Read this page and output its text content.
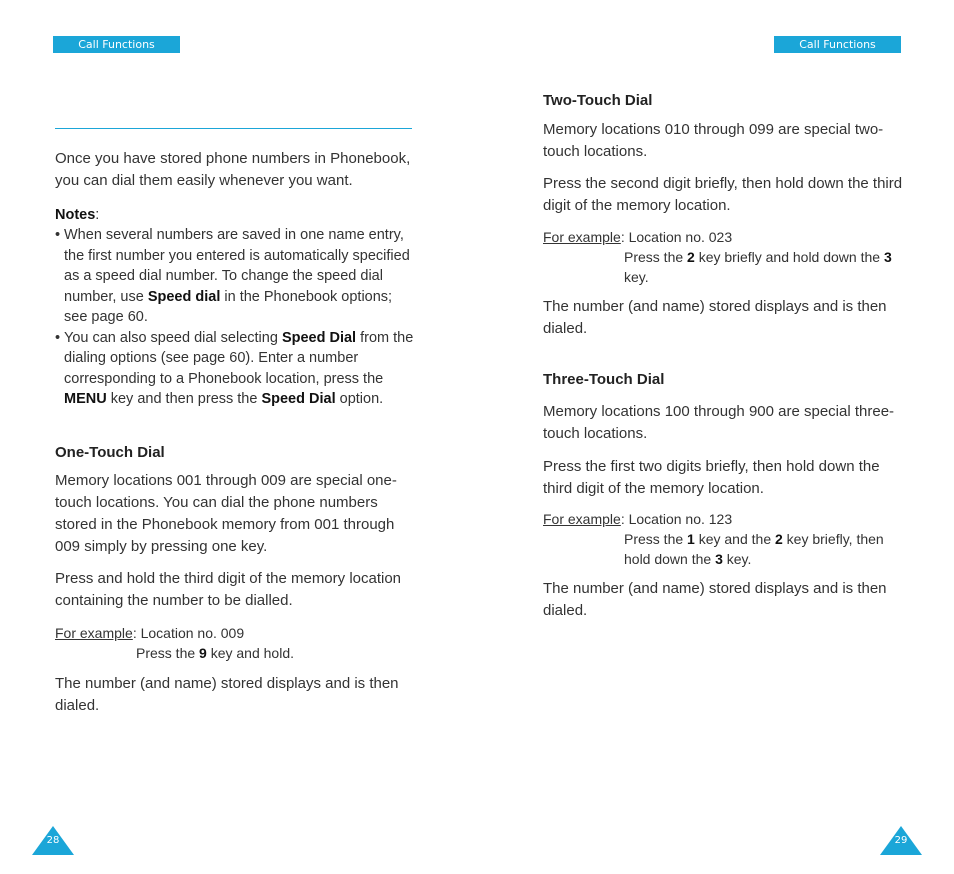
Call Functions	Call Functions

Once you have stored phone numbers in Phonebook, you can dial them easily whenever you want.

Notes:

• When several numbers are saved in one name entry, the first number you entered is automatically specified as a speed dial number. To change the speed dial number, use Speed dial in the Phonebook options; see page 60.
• You can also speed dial selecting Speed Dial from the dialing options (see page 60). Enter a number corresponding to a Phonebook location, press the MENU key and then press the Speed Dial option.

One-Touch Dial

Memory locations 001 through 009 are special one-touch locations. You can dial the phone numbers stored in the Phonebook memory from 001 through 009 simply by pressing one key.

Press and hold the third digit of the memory location containing the number to be dialled.

For example: Location no. 009
Press the 9 key and hold.

The number (and name) stored displays and is then dialed.

Two-Touch Dial

Memory locations 010 through 099 are special two-touch locations.

Press the second digit briefly, then hold down the third digit of the memory location.

For example: Location no. 023
Press the 2 key briefly and hold down the 3 key.

The number (and name) stored displays and is then dialed.

Three-Touch Dial

Memory locations 100 through 900 are special three-touch locations.

Press the first two digits briefly, then hold down the third digit of the memory location.

For example: Location no. 123
Press the 1 key and the 2 key briefly, then hold down the 3 key.

The number (and name) stored displays and is then dialed.

28	29
